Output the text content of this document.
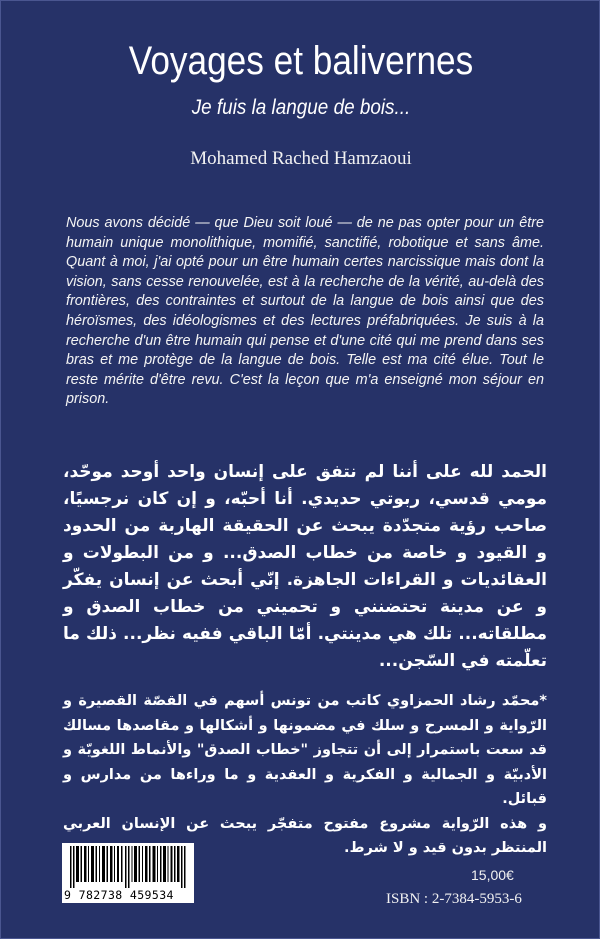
Voyages et balivernes
Je fuis la langue de bois...
Mohamed Rached Hamzaoui
Nous avons décidé — que Dieu soit loué — de ne pas opter pour un être humain unique monolithique, momifié, sanctifié, robotique et sans âme. Quant à moi, j'ai opté pour un être humain certes narcissique mais dont la vision, sans cesse renouvelée, est à la recherche de la vérité, au-delà des frontières, des contraintes et surtout de la langue de bois ainsi que des héroïsmes, des idéologismes et des lectures préfabriquées. Je suis à la recherche d'un être humain qui pense et d'une cité qui me prend dans ses bras et me protège de la langue de bois. Telle est ma cité élue. Tout le reste mérite d'être revu. C'est la leçon que m'a enseigné mon séjour en prison.

الحمد لله على أننا لم نتفق على إنسان واحد أوحد موحّد، مومي قدسي، ربوتي حديدي. أنا أحبّه، و إن كان نرجسيًا، صاحب رؤية متجدّدة يبحث عن الحقيقة الهاربة من الحدود و القيود و خاصة من خطاب الصدق... و من البطولات و العقائديات و القراءات الجاهزة. إنّي أبحث عن إنسان يفكّر و عن مدينة تحتضنني و تحميني من خطاب الصدق و مطلقاته... تلك هي مدينتي. أمّا الباقي ففيه نظر... ذلك ما تعلّمته في السّجن...

*محمّد رشاد الحمزاوي كاتب من تونس أسهم في القصّة القصيرة و الرّواية و المسرح و سلك في مضمونها و أشكالها و مقاصدها مسالك قد سعت باستمرار إلى أن تتجاوز "خطاب الصدق" والأنماط اللغويّة و الأدبيّة و الجمالية و الفكرية و العقدية و ما وراءها من مدارس و قبائل.

و هذه الرّواية مشروع مفتوح متفجّر يبحث عن الإنسان العربي المنتظر بدون قيد و لا شرط.

9 782738 459534
15,00€
ISBN : 2-7384-5953-6
